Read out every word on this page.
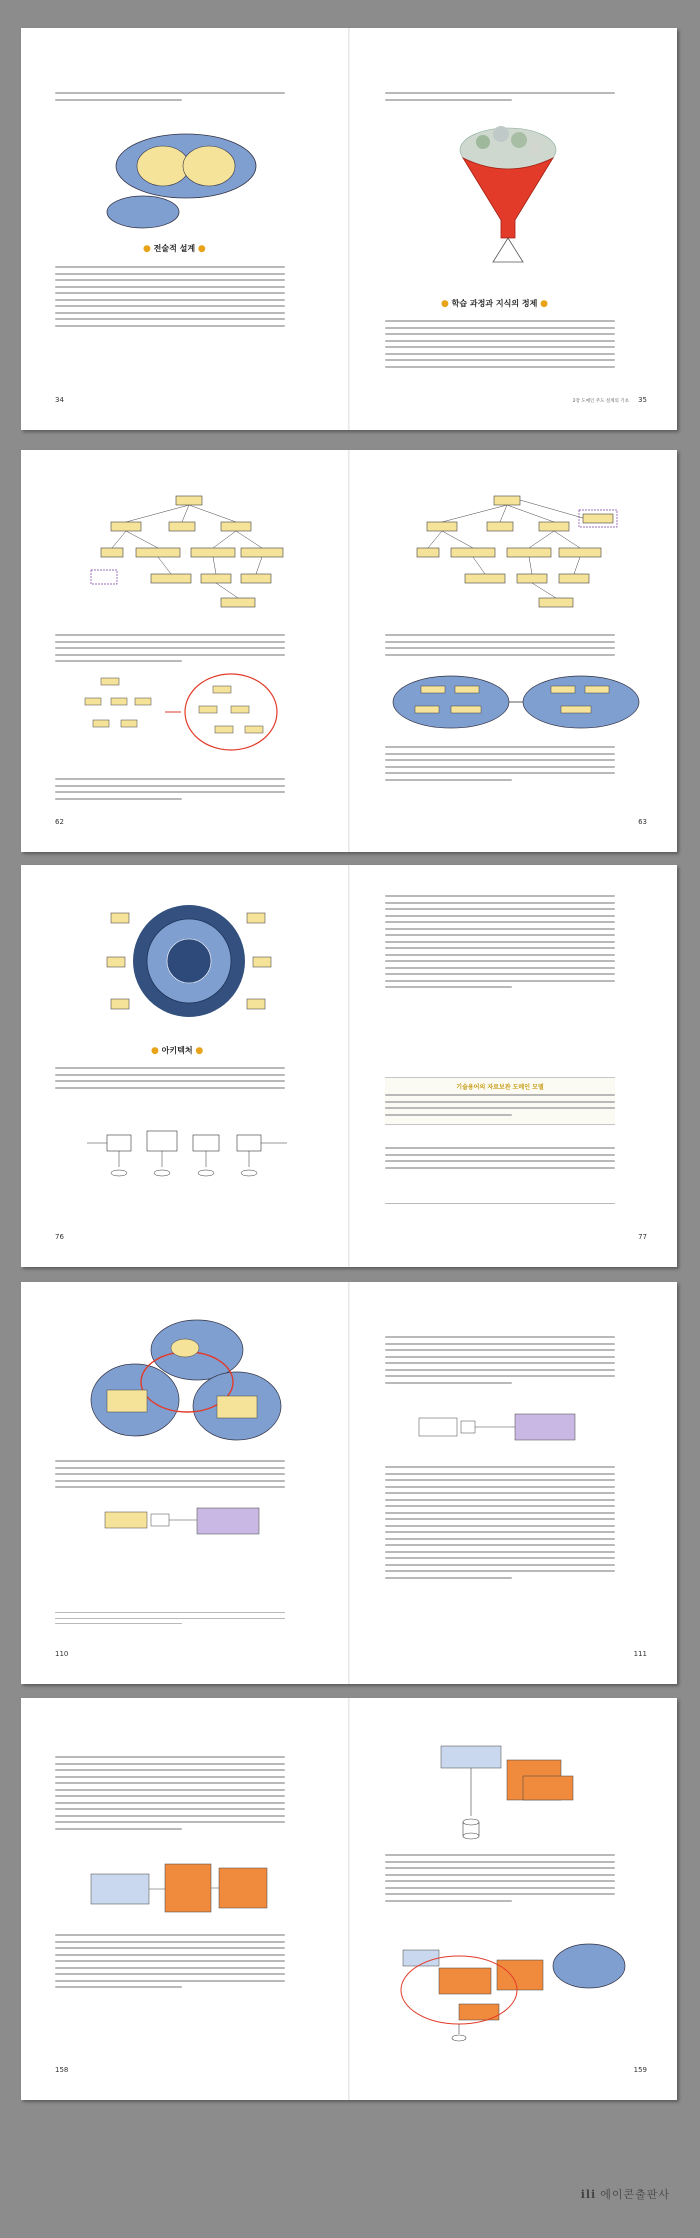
● 전술적 설계 ●
34
● 학습 과정과 지식의 정제 ●
2장 도메인 주도 설계의 기초 35
62	63
● 아키텍처 ●
76
기술용어의 자료보관 도메인 모델
77
110	111
158	159
ili 에이콘출판사
